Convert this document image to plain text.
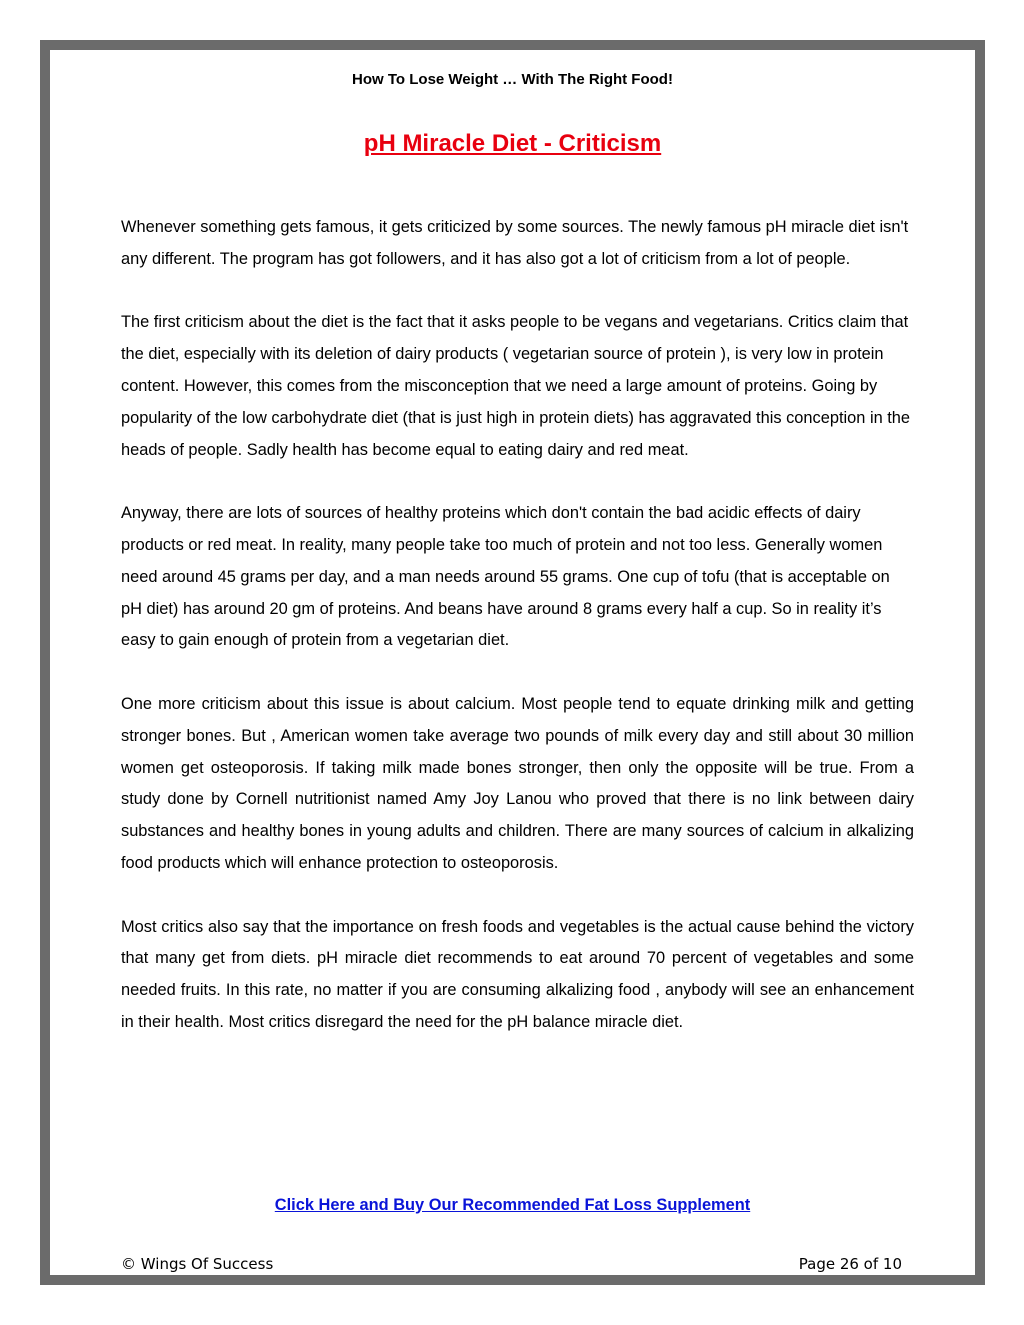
How To Lose Weight … With The Right Food!
pH Miracle Diet - Criticism

Whenever something gets famous, it gets criticized by some sources. The newly famous pH miracle diet isn't any different. The program has got followers, and it has also got a lot of criticism from a lot of people.

The first criticism about the diet is the fact that it asks people to be vegans and vegetarians. Critics claim that the diet, especially with its deletion of dairy products ( vegetarian source of protein ), is very low in protein content. However, this comes from the misconception that we need a large amount of proteins. Going by popularity of the low carbohydrate diet (that is just high in protein diets) has aggravated this conception in the heads of people. Sadly health has become equal to eating dairy and red meat.

Anyway, there are lots of sources of healthy proteins which don't contain the bad acidic effects of dairy products or red meat. In reality, many people take too much of protein and not too less. Generally women need around 45 grams per day, and a man needs around 55 grams. One cup of tofu (that is acceptable on pH diet) has around 20 gm of proteins. And beans have around 8 grams every half a cup. So in reality it’s easy to gain enough of protein from a vegetarian diet.

One more criticism about this issue is about calcium. Most people tend to equate drinking milk and getting stronger bones. But , American women take average two pounds of milk every day and still about 30 million women get osteoporosis. If taking milk made bones stronger, then only the opposite will be true. From a study done by Cornell nutritionist named Amy Joy Lanou who proved that there is no link between dairy substances and healthy bones in young adults and children. There are many sources of calcium in alkalizing food products which will enhance protection to osteoporosis.

Most critics also say that the importance on fresh foods and vegetables is the actual cause behind the victory that many get from diets. pH miracle diet recommends to eat around 70 percent of vegetables and some needed fruits. In this rate, no matter if you are consuming alkalizing food , anybody will see an enhancement in their health. Most critics disregard the need for the pH balance miracle diet.

Click Here and Buy Our Recommended Fat Loss Supplement
© Wings Of Success	Page 26 of 10
